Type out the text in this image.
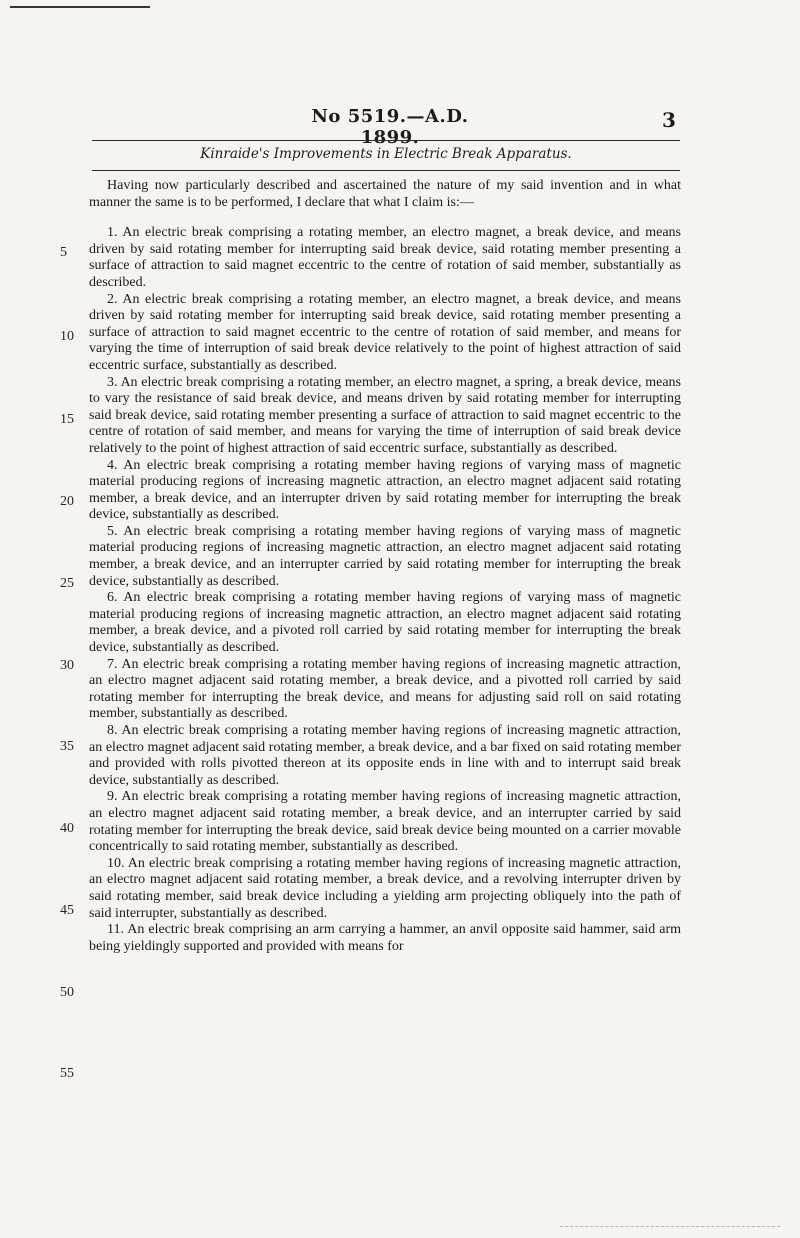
No 5519.—A.D. 1899.
3
Kinraide's Improvements in Electric Break Apparatus.

Having now particularly described and ascertained the nature of my said invention and in what manner the same is to be performed, I declare that what I claim is:—

1. An electric break comprising a rotating member, an electro magnet, a break device, and means driven by said rotating member for interrupting said break device, said rotating member presenting a surface of attraction to said magnet eccentric to the centre of rotation of said member, substantially as described.

2. An electric break comprising a rotating member, an electro magnet, a break device, and means driven by said rotating member for interrupting said break device, said rotating member presenting a surface of attraction to said magnet eccentric to the centre of rotation of said member, and means for varying the time of interruption of said break device relatively to the point of highest attraction of said eccentric surface, substantially as described.

3. An electric break comprising a rotating member, an electro magnet, a spring, a break device, means to vary the resistance of said break device, and means driven by said rotating member for interrupting said break device, said rotating member presenting a surface of attraction to said magnet eccentric to the centre of rotation of said member, and means for varying the time of interruption of said break device relatively to the point of highest attraction of said eccentric surface, substantially as described.

4. An electric break comprising a rotating member having regions of varying mass of magnetic material producing regions of increasing magnetic attraction, an electro magnet adjacent said rotating member, a break device, and an interrupter driven by said rotating member for interrupting the break device, substantially as described.

5. An electric break comprising a rotating member having regions of varying mass of magnetic material producing regions of increasing magnetic attraction, an electro magnet adjacent said rotating member, a break device, and an interrupter carried by said rotating member for interrupting the break device, substantially as described.

6. An electric break comprising a rotating member having regions of varying mass of magnetic material producing regions of increasing magnetic attraction, an electro magnet adjacent said rotating member, a break device, and a pivoted roll carried by said rotating member for interrupting the break device, substantially as described.

7. An electric break comprising a rotating member having regions of increasing magnetic attraction, an electro magnet adjacent said rotating member, a break device, and a pivotted roll carried by said rotating member for interrupting the break device, and means for adjusting said roll on said rotating member, substantially as described.

8. An electric break comprising a rotating member having regions of increasing magnetic attraction, an electro magnet adjacent said rotating member, a break device, and a bar fixed on said rotating member and provided with rolls pivotted thereon at its opposite ends in line with and to interrupt said break device, substantially as described.

9. An electric break comprising a rotating member having regions of increasing magnetic attraction, an electro magnet adjacent said rotating member, a break device, and an interrupter carried by said rotating member for interrupting the break device, said break device being mounted on a carrier movable concentrically to said rotating member, substantially as described.

10. An electric break comprising a rotating member having regions of increasing magnetic attraction, an electro magnet adjacent said rotating member, a break device, and a revolving interrupter driven by said rotating member, said break device including a yielding arm projecting obliquely into the path of said interrupter, substantially as described.

11. An electric break comprising an arm carrying a hammer, an anvil opposite said hammer, said arm being yieldingly supported and provided with means for

5
10
15
20
25
30
35
40
45
50
55
